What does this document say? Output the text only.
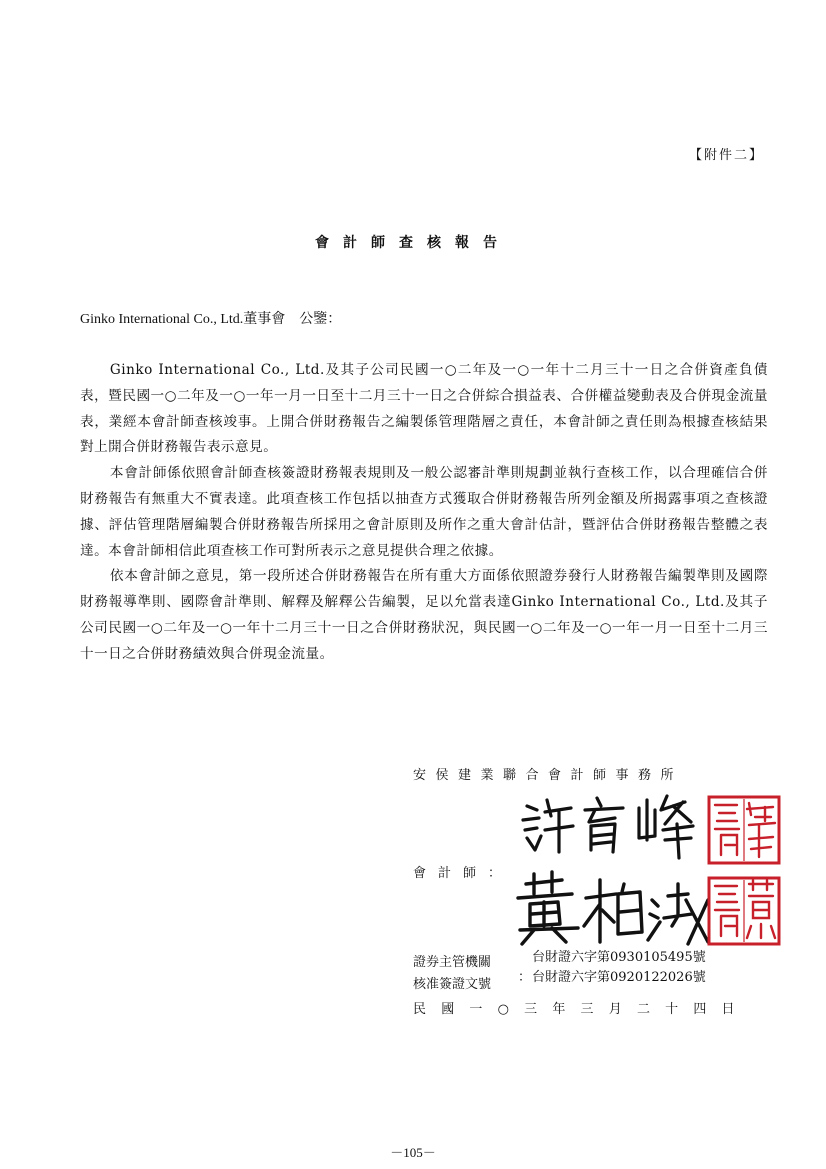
【附件二】
會計師查核報告
Ginko International Co., Ltd.董事會　公鑒：

Ginko International Co., Ltd.及其子公司民國一○二年及一○一年十二月三十一日之合併資產負債表，暨民國一○二年及一○一年一月一日至十二月三十一日之合併綜合損益表、合併權益變動表及合併現金流量表，業經本會計師查核竣事。上開合併財務報告之編製係管理階層之責任，本會計師之責任則為根據查核結果對上開合併財務報告表示意見。

本會計師係依照會計師查核簽證財務報表規則及一般公認審計準則規劃並執行查核工作，以合理確信合併財務報告有無重大不實表達。此項查核工作包括以抽查方式獲取合併財務報告所列金額及所揭露事項之查核證據、評估管理階層編製合併財務報告所採用之會計原則及所作之重大會計估計，暨評估合併財務報告整體之表達。本會計師相信此項查核工作可對所表示之意見提供合理之依據。

依本會計師之意見，第一段所述合併財務報告在所有重大方面係依照證券發行人財務報告編製準則及國際財務報導準則、國際會計準則、解釋及解釋公告編製，足以允當表達Ginko International Co., Ltd.及其子公司民國一○二年及一○一年十二月三十一日之合併財務狀況，與民國一○二年及一○一年一月一日至十二月三十一日之合併財務績效與合併現金流量。

安侯建業聯合會計師事務所
會計師：
證券主管機關
核准簽證文號 ：
台財證六字第0930105495號
台財證六字第0920122026號
民國一○三年三月二十四日
－105－
